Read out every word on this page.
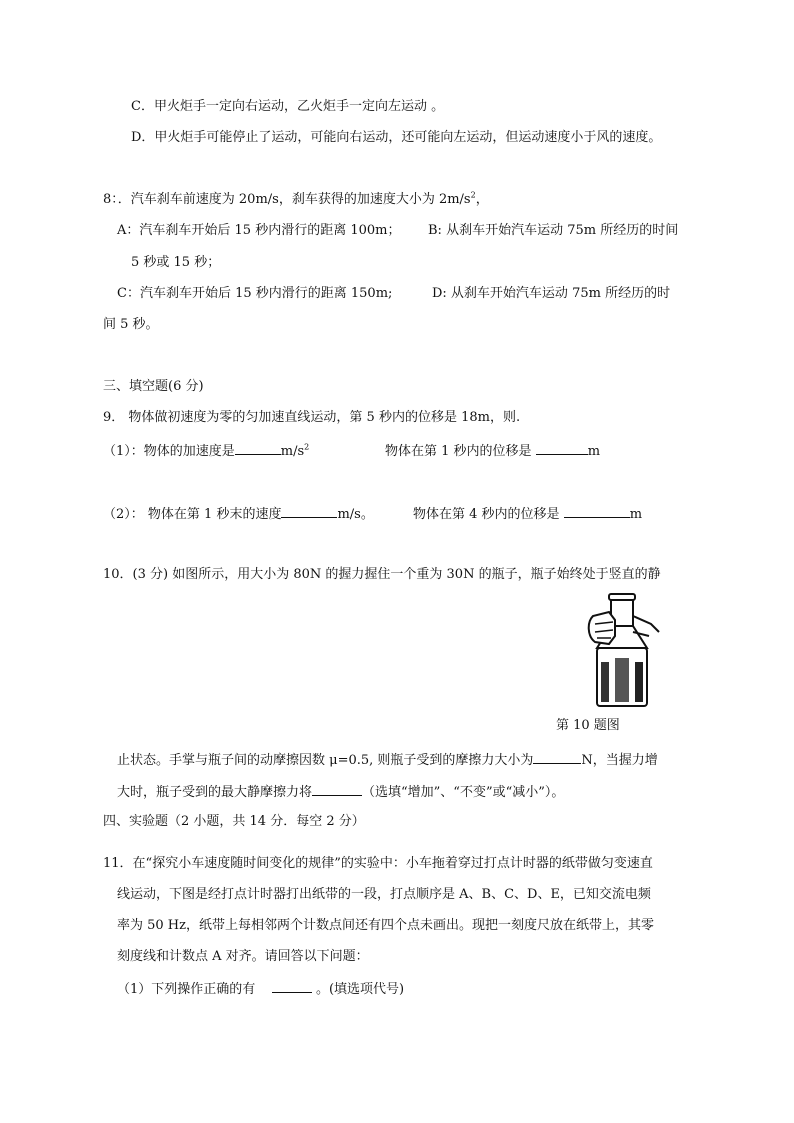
C．甲火炬手一定向右运动，乙火炬手一定向左运动 。
D．甲火炬手可能停止了运动，可能向右运动，还可能向左运动，但运动速度小于风的速度。
8：．汽车刹车前速度为 20m/s，刹车获得的加速度大小为 $2m/s^2$，
A：汽车刹车开始后 15 秒内滑行的距离 100m； B: 从刹车开始汽车运动 75m 所经历的时间
5 秒或 15 秒；
C：汽车刹车开始后 15 秒内滑行的距离 150m;	D: 从刹车开始汽车运动 75m 所经历的时
间 5 秒。
三、填空题(6 分)
9． 物体做初速度为零的匀加速直线运动，第 5 秒内的位移是 18m，则.
（1）：物体的加速度是	$m/s^2$	物体在第 1 秒内的位移是	m
（2）： 物体在第 1 秒末的速度	m/s。	物体在第 4 秒内的位移是	m
10．(3 分) 如图所示，用大小为 80N 的握力握住一个重为 30N 的瓶子，瓶子始终处于竖直的静
第 10 题图
止状态。手掌与瓶子间的动摩擦因数 μ=0.5, 则瓶子受到的摩擦力大小为	N，当握力增
大时，瓶子受到的最大静摩擦力将	（选填“增加”、“不变”或“减小”）。
四、实验题（2 小题，共 14 分．每空 2 分）
11．在“探究小车速度随时间变化的规律”的实验中：小车拖着穿过打点计时器的纸带做匀变速直
线运动，下图是经打点计时器打出纸带的一段，打点顺序是 A、B、C、D、E，已知交流电频
率为 50 Hz，纸带上每相邻两个计数点间还有四个点未画出。现把一刻度尺放在纸带上，其零
刻度线和计数点 A 对齐。请回答以下问题：
（1）下列操作正确的有	。(填选项代号)
